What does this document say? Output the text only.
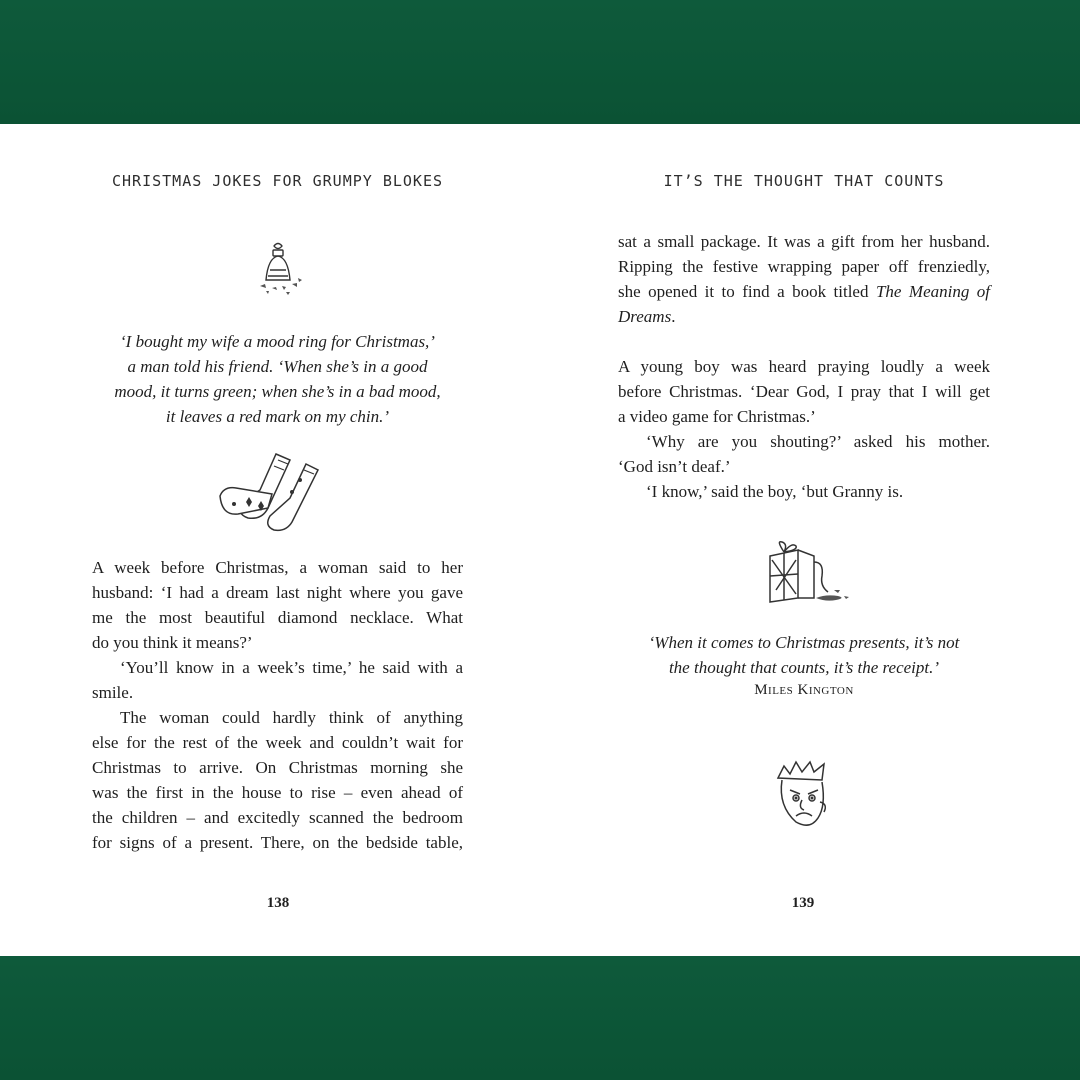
CHRISTMAS JOKES FOR GRUMPY BLOKES
‘I bought my wife a mood ring for Christmas,’
a man told his friend. ‘When she’s in a good
mood, it turns green; when she’s in a bad mood,
it leaves a red mark on my chin.’
A week before Christmas, a woman said to her
husband: ‘I had a dream last night where you gave
me the most beautiful diamond necklace. What
do you think it means?’
‘You’ll know in a week’s time,’ he said with a
smile.
The woman could hardly think of anything
else for the rest of the week and couldn’t wait for
Christmas to arrive. On Christmas morning she
was the first in the house to rise – even ahead of
the children – and excitedly scanned the bedroom
for signs of a present. There, on the bedside table,
138
IT’S THE THOUGHT THAT COUNTS
sat a small package. It was a gift from her husband.
Ripping the festive wrapping paper off frenziedly,
she opened it to find a book titled The Meaning of
Dreams.
A young boy was heard praying loudly a week
before Christmas. ‘Dear God, I pray that I will get
a video game for Christmas.’
‘Why are you shouting?’ asked his mother.
‘God isn’t deaf.’
‘I know,’ said the boy, ‘but Granny is.
‘When it comes to Christmas presents, it’s not
the thought that counts, it’s the receipt.’
Miles Kington
139
